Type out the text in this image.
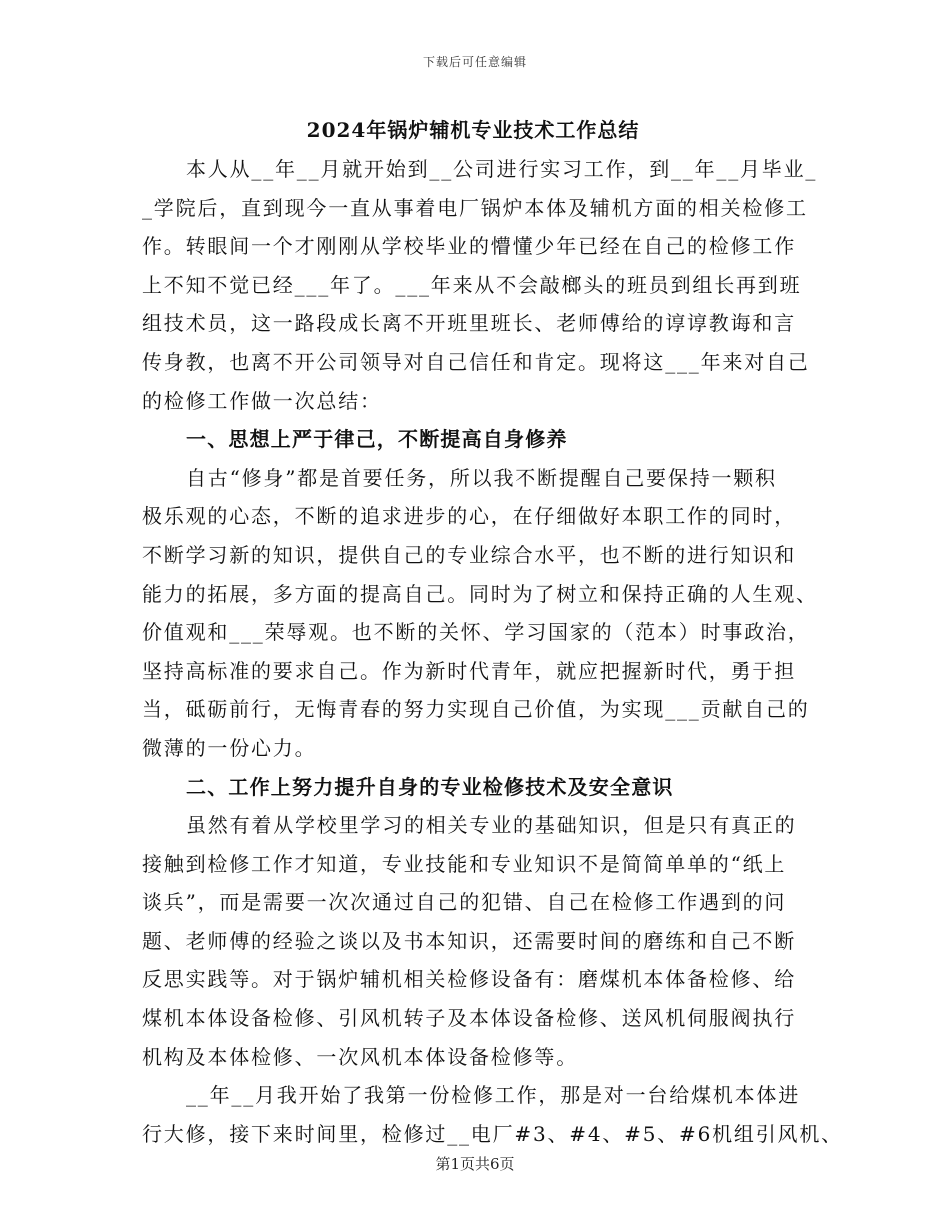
下载后可任意编辑
2024年锅炉辅机专业技术工作总结
本人从__年__月就开始到__公司进行实习工作，到__年__月毕业_
_学院后，直到现今一直从事着电厂锅炉本体及辅机方面的相关检修工
作。转眼间一个才刚刚从学校毕业的懵懂少年已经在自己的检修工作
上不知不觉已经___年了。___年来从不会敲榔头的班员到组长再到班
组技术员，这一路段成长离不开班里班长、老师傅给的谆谆教诲和言
传身教，也离不开公司领导对自己信任和肯定。现将这___年来对自己
的检修工作做一次总结：
一、思想上严于律己，不断提高自身修养
自古“修身”都是首要任务，所以我不断提醒自己要保持一颗积
极乐观的心态，不断的追求进步的心，在仔细做好本职工作的同时，
不断学习新的知识，提供自己的专业综合水平，也不断的进行知识和
能力的拓展，多方面的提高自己。同时为了树立和保持正确的人生观、
价值观和___荣辱观。也不断的关怀、学习国家的（范本）时事政治，
坚持高标准的要求自己。作为新时代青年，就应把握新时代，勇于担
当，砥砺前行，无悔青春的努力实现自己价值，为实现___贡献自己的
微薄的一份心力。
二、工作上努力提升自身的专业检修技术及安全意识
虽然有着从学校里学习的相关专业的基础知识，但是只有真正的
接触到检修工作才知道，专业技能和专业知识不是简简单单的“纸上
谈兵”，而是需要一次次通过自己的犯错、自己在检修工作遇到的问
题、老师傅的经验之谈以及书本知识，还需要时间的磨练和自己不断
反思实践等。对于锅炉辅机相关检修设备有：磨煤机本体备检修、给
煤机本体设备检修、引风机转子及本体设备检修、送风机伺服阀执行
机构及本体检修、一次风机本体设备检修等。
__年__月我开始了我第一份检修工作，那是对一台给煤机本体进
行大修，接下来时间里，检修过__电厂#3、#4、#5、#6机组引风机、
第1页共6页
